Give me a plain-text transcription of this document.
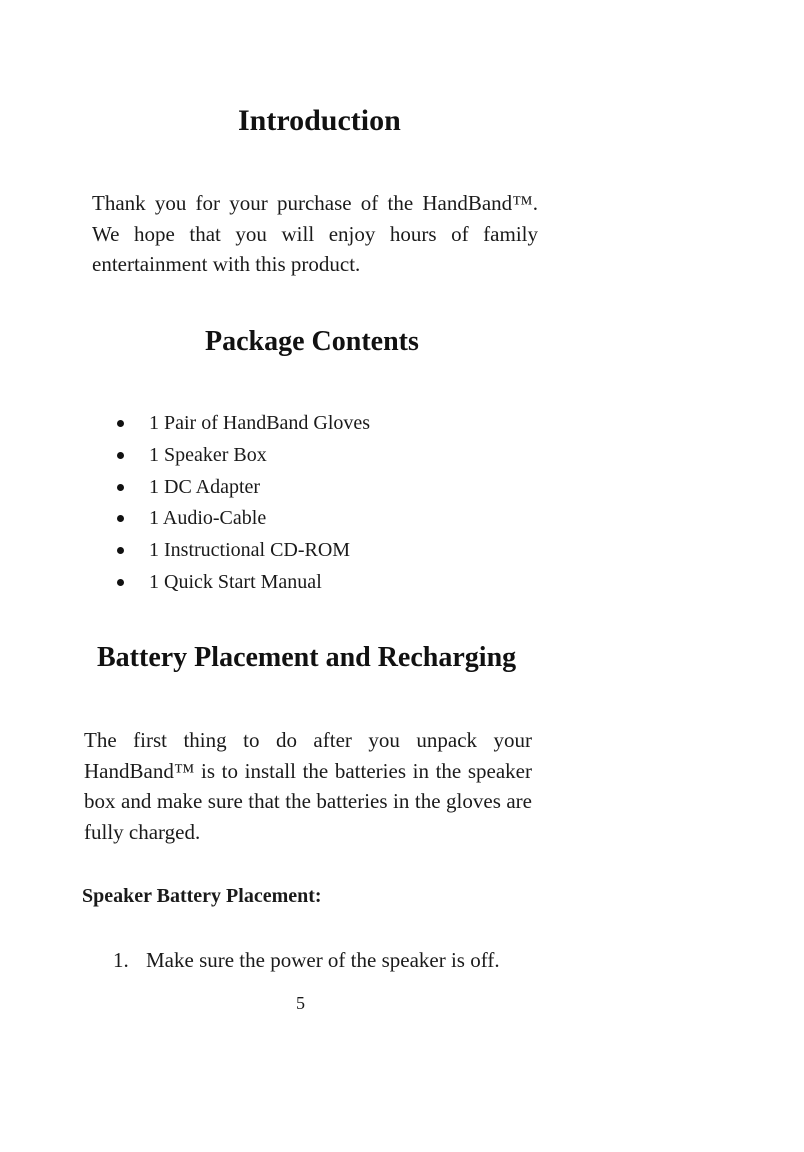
Introduction

Thank you for your purchase of the HandBand™. We hope that you will enjoy hours of family entertainment with this product.

Package Contents
1 Pair of HandBand Gloves
1 Speaker Box
1 DC Adapter
1 Audio-Cable
1 Instructional CD-ROM
1 Quick Start Manual
Battery Placement and Recharging

The first thing to do after you unpack your HandBand™ is to install the batteries in the speaker box and make sure that the batteries in the gloves are fully charged.

Speaker Battery Placement:
1. Make sure the power of the speaker is off.

5
